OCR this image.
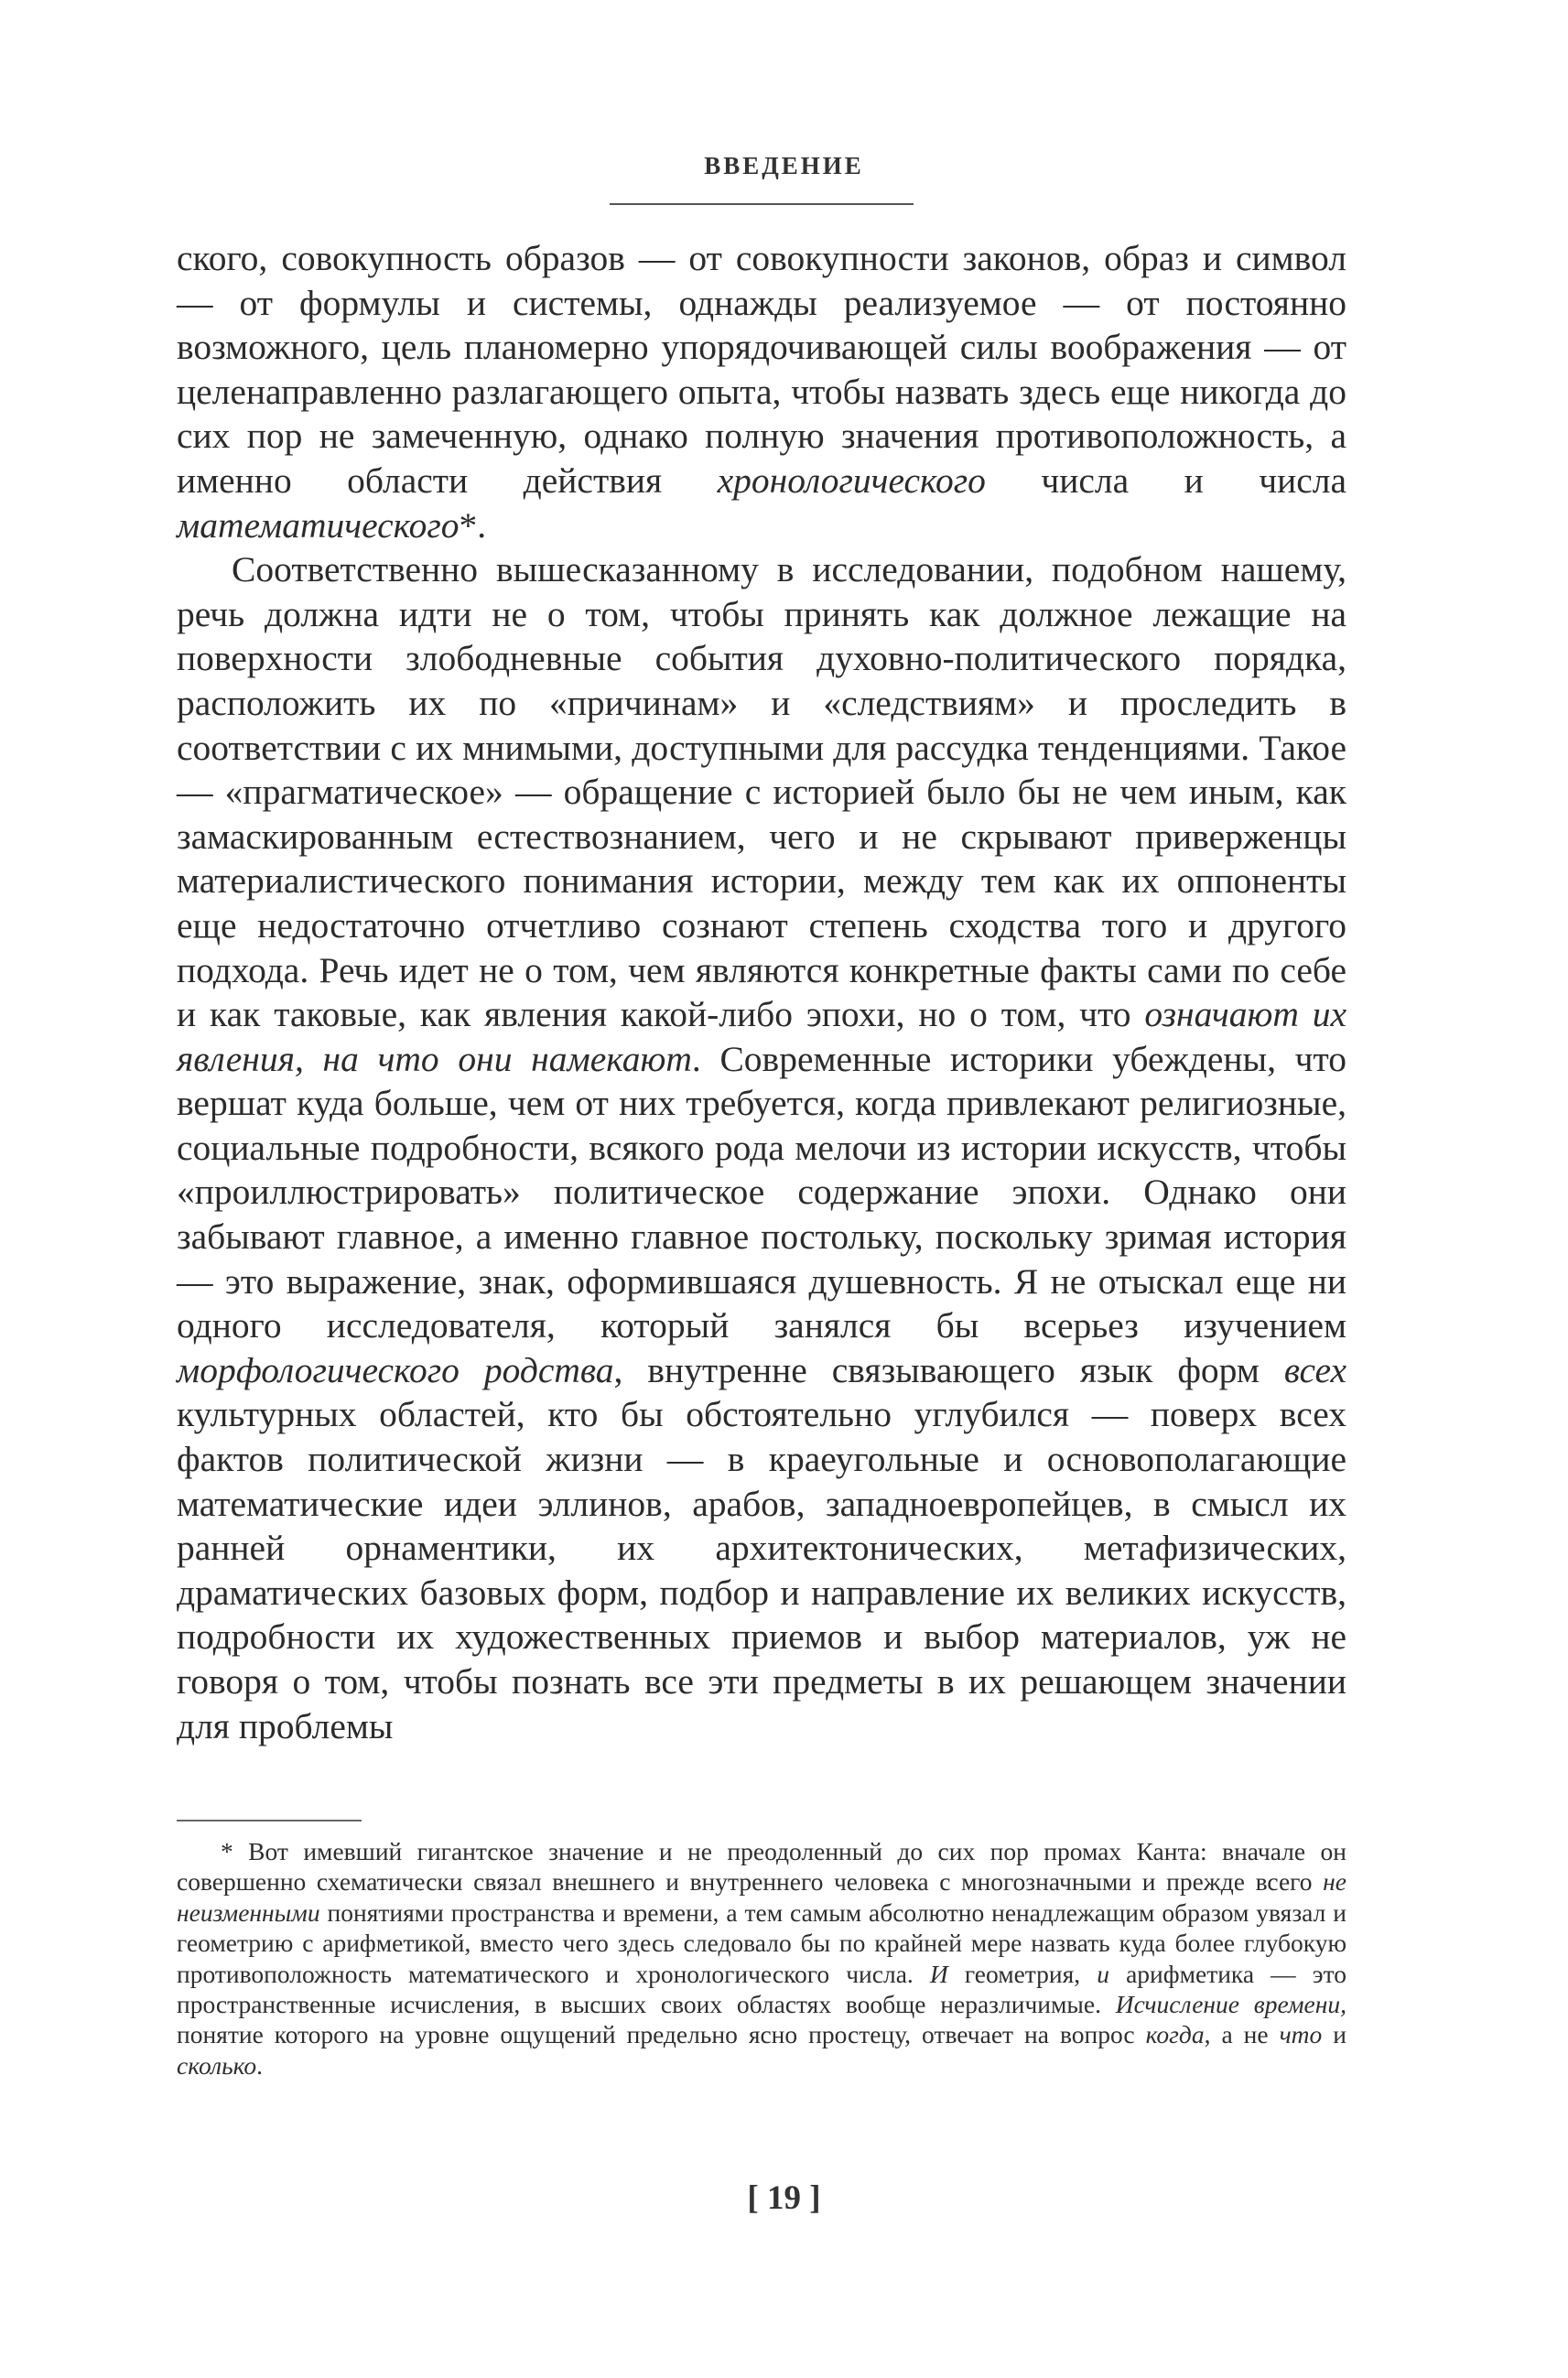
ВВЕДЕНИЕ

ского, совокупность образов — от совокупности законов, образ и символ — от формулы и системы, однажды реализуемое — от постоянно возможного, цель планомерно упорядочивающей силы воображения — от целенаправленно разлагающего опыта, чтобы назвать здесь еще никогда до сих пор не замеченную, однако полную значения противоположность, а именно области действия хронологического числа и числа математического*.

Соответственно вышесказанному в исследовании, подобном нашему, речь должна идти не о том, чтобы принять как должное лежащие на поверхности злободневные события духовно-политического порядка, расположить их по «причинам» и «следствиям» и проследить в соответствии с их мнимыми, доступными для рассудка тенденциями. Такое — «прагматическое» — обращение с историей было бы не чем иным, как замаскированным естествознанием, чего и не скрывают приверженцы материалистического понимания истории, между тем как их оппоненты еще недостаточно отчетливо сознают степень сходства того и другого подхода. Речь идет не о том, чем являются конкретные факты сами по себе и как таковые, как явления какой-либо эпохи, но о том, что означают их явления, на что они намекают. Современные историки убеждены, что вершат куда больше, чем от них требуется, когда привлекают религиозные, социальные подробности, всякого рода мелочи из истории искусств, чтобы «проиллюстрировать» политическое содержание эпохи. Однако они забывают главное, а именно главное постольку, поскольку зримая история — это выражение, знак, оформившаяся душевность. Я не отыскал еще ни одного исследователя, который занялся бы всерьез изучением морфологического родства, внутренне связывающего язык форм всех культурных областей, кто бы обстоятельно углубился — поверх всех фактов политической жизни — в краеугольные и основополагающие математические идеи эллинов, арабов, западноевропейцев, в смысл их ранней орнаментики, их архитектонических, метафизических, драматических базовых форм, подбор и направление их великих искусств, подробности их художественных приемов и выбор материалов, уж не говоря о том, чтобы познать все эти предметы в их решающем значении для проблемы

* Вот имевший гигантское значение и не преодоленный до сих пор промах Канта: вначале он совершенно схематически связал внешнего и внутреннего человека с многозначными и прежде всего не неизменными понятиями пространства и времени, а тем самым абсолютно ненадлежащим образом увязал и геометрию с арифметикой, вместо чего здесь следовало бы по крайней мере назвать куда более глубокую противоположность математического и хронологического числа. И геометрия, и арифметика — это пространственные исчисления, в высших своих областях вообще неразличимые. Исчисление времени, понятие которого на уровне ощущений предельно ясно простецу, отвечает на вопрос когда, а не что и сколько.

[ 19 ]
